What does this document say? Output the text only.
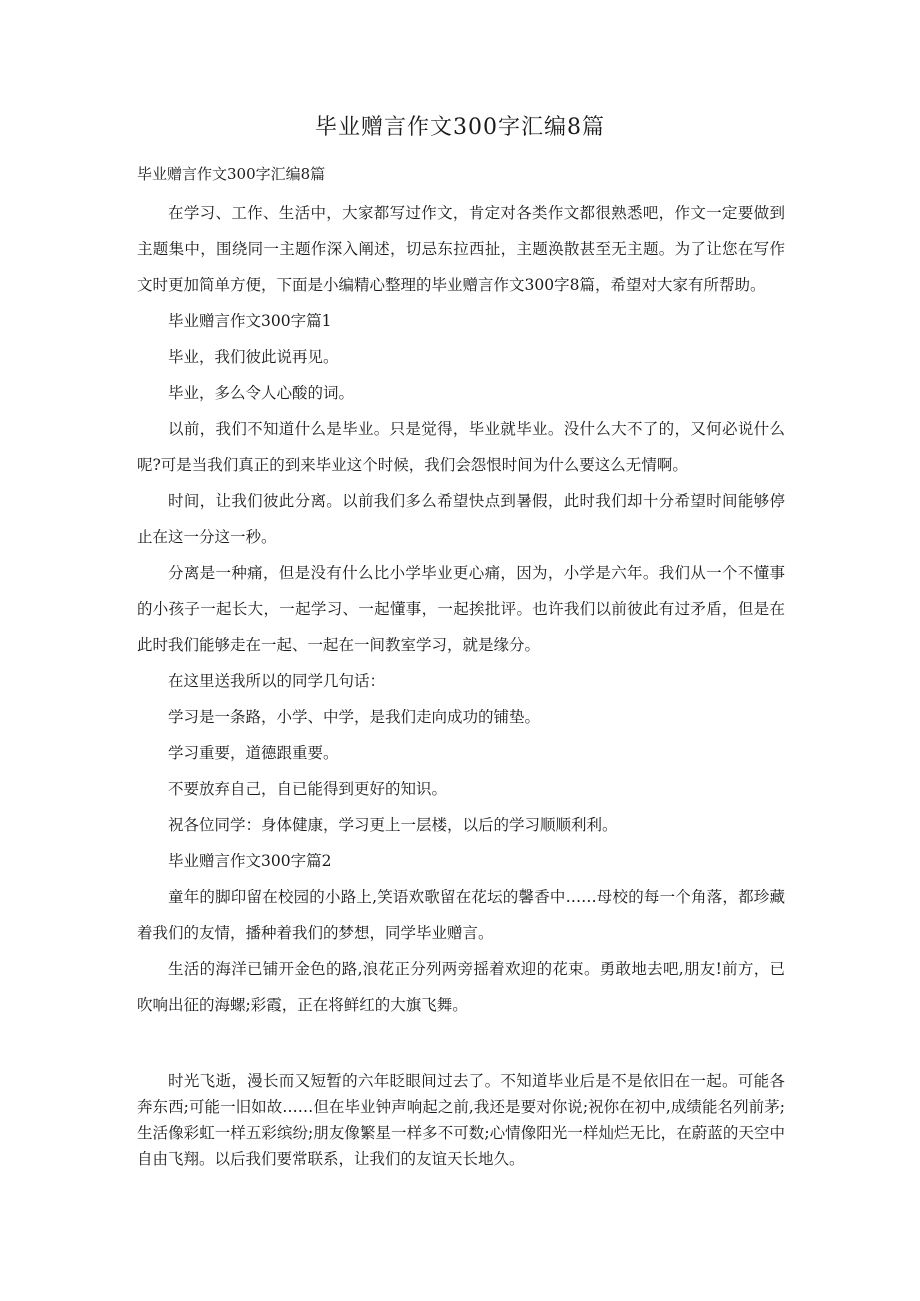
毕业赠言作文300字汇编8篇
毕业赠言作文300字汇编8篇

在学习、工作、生活中，大家都写过作文，肯定对各类作文都很熟悉吧，作文一定要做到主题集中，围绕同一主题作深入阐述，切忌东拉西扯，主题涣散甚至无主题。为了让您在写作文时更加简单方便，下面是小编精心整理的毕业赠言作文300字8篇，希望对大家有所帮助。

毕业赠言作文300字篇1

毕业，我们彼此说再见。

毕业，多么令人心酸的词。

以前，我们不知道什么是毕业。只是觉得，毕业就毕业。没什么大不了的，又何必说什么呢?可是当我们真正的到来毕业这个时候，我们会怨恨时间为什么要这么无情啊。

时间，让我们彼此分离。以前我们多么希望快点到暑假，此时我们却十分希望时间能够停止在这一分这一秒。

分离是一种痛，但是没有什么比小学毕业更心痛，因为，小学是六年。我们从一个不懂事的小孩子一起长大，一起学习、一起懂事，一起挨批评。也许我们以前彼此有过矛盾，但是在此时我们能够走在一起、一起在一间教室学习，就是缘分。

在这里送我所以的同学几句话：

学习是一条路，小学、中学，是我们走向成功的铺垫。

学习重要，道德跟重要。

不要放弃自己，自已能得到更好的知识。

祝各位同学：身体健康，学习更上一层楼，以后的学习顺顺利利。

毕业赠言作文300字篇2

童年的脚印留在校园的小路上,笑语欢歌留在花坛的馨香中……母校的每一个角落，都珍藏着我们的友情，播种着我们的梦想，同学毕业赠言。

生活的海洋已铺开金色的路,浪花正分列两旁摇着欢迎的花束。勇敢地去吧,朋友!前方，已吹响出征的海螺;彩霞，正在将鲜红的大旗飞舞。

时光飞逝，漫长而又短暂的六年眨眼间过去了。不知道毕业后是不是依旧在一起。可能各奔东西;可能一旧如故……但在毕业钟声响起之前,我还是要对你说;祝你在初中,成绩能名列前茅;生活像彩虹一样五彩缤纷;朋友像繁星一样多不可数;心情像阳光一样灿烂无比，在蔚蓝的天空中自由飞翔。以后我们要常联系，让我们的友谊天长地久。
